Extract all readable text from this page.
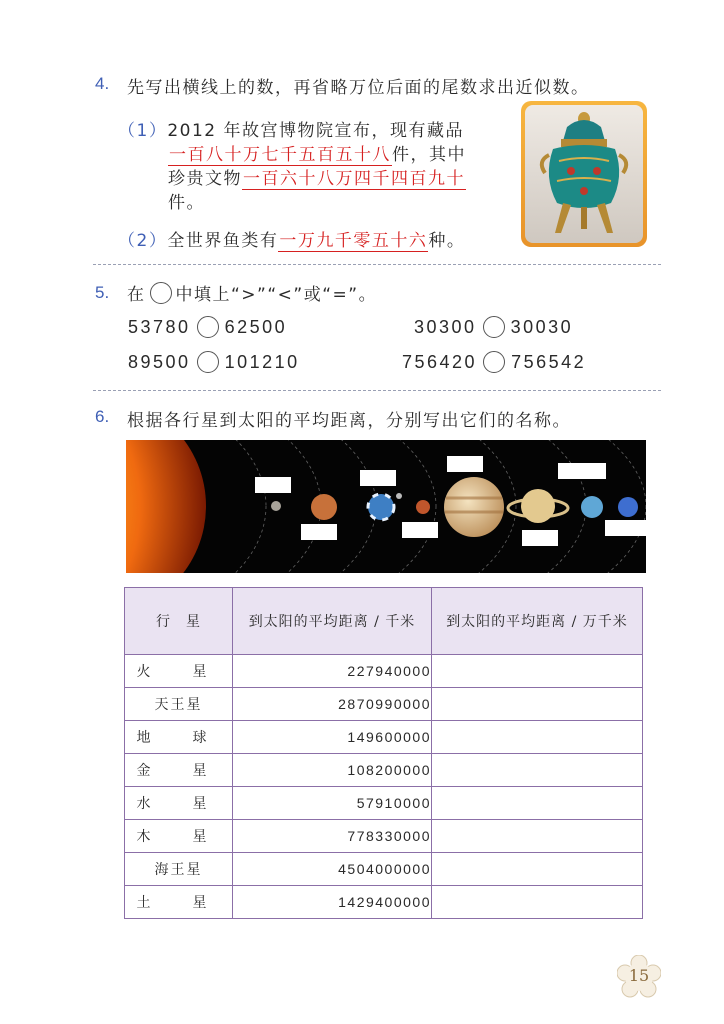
4. 先写出横线上的数，再省略万位后面的尾数求出近似数。
（1）2012 年故宫博物院宣布，现有藏品
一百八十万七千五百五十八件，其中
珍贵文物一百六十八万四千四百九十
件。
（2）全世界鱼类有一万九千零五十六种。
5. 在 中填上“>”“<”或“=”。
53780 62500	30300 30030
89500 101210	756420 756542
6. 根据各行星到太阳的平均距离，分别写出它们的名称。
行　星	到太阳的平均距离 / 千米	到太阳的平均距离 / 万千米
火　星	227940000	
天王星	2870990000	
地　球	149600000	
金　星	108200000	
水　星	57910000	
木　星	778330000	
海王星	4504000000	
土　星	1429400000	
15
